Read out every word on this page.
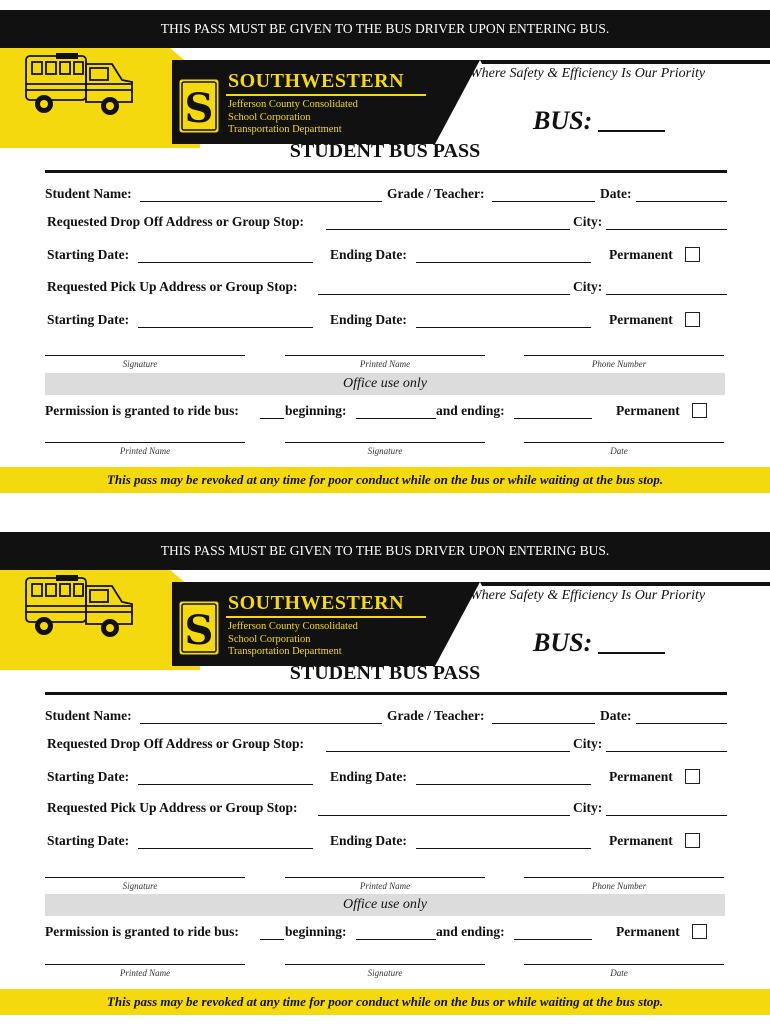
THIS PASS MUST BE GIVEN TO THE BUS DRIVER UPON ENTERING BUS.
S
SOUTHWESTERN
Jefferson County Consolidated
School Corporation
Transportation Department
Where Safety & Efficiency Is Our Priority
BUS:
STUDENT BUS PASS
Student Name:	Grade / Teacher:	Date:
Requested Drop Off Address or Group Stop:	City:
Starting Date:	Ending Date:	Permanent
Requested Pick Up Address or Group Stop:	City:
Starting Date:	Ending Date:	Permanent
Signature	Printed Name	Phone Number
Office use only
Permission is granted to ride bus:	beginning:	and ending:	Permanent
Printed Name	Signature	Date
This pass may be revoked at any time for poor conduct while on the bus or while waiting at the bus stop.
THIS PASS MUST BE GIVEN TO THE BUS DRIVER UPON ENTERING BUS.
S
SOUTHWESTERN
Jefferson County Consolidated
School Corporation
Transportation Department
Where Safety & Efficiency Is Our Priority
BUS:
STUDENT BUS PASS
Student Name:	Grade / Teacher:	Date:
Requested Drop Off Address or Group Stop:	City:
Starting Date:	Ending Date:	Permanent
Requested Pick Up Address or Group Stop:	City:
Starting Date:	Ending Date:	Permanent
Signature	Printed Name	Phone Number
Office use only
Permission is granted to ride bus:	beginning:	and ending:	Permanent
Printed Name	Signature	Date
This pass may be revoked at any time for poor conduct while on the bus or while waiting at the bus stop.
